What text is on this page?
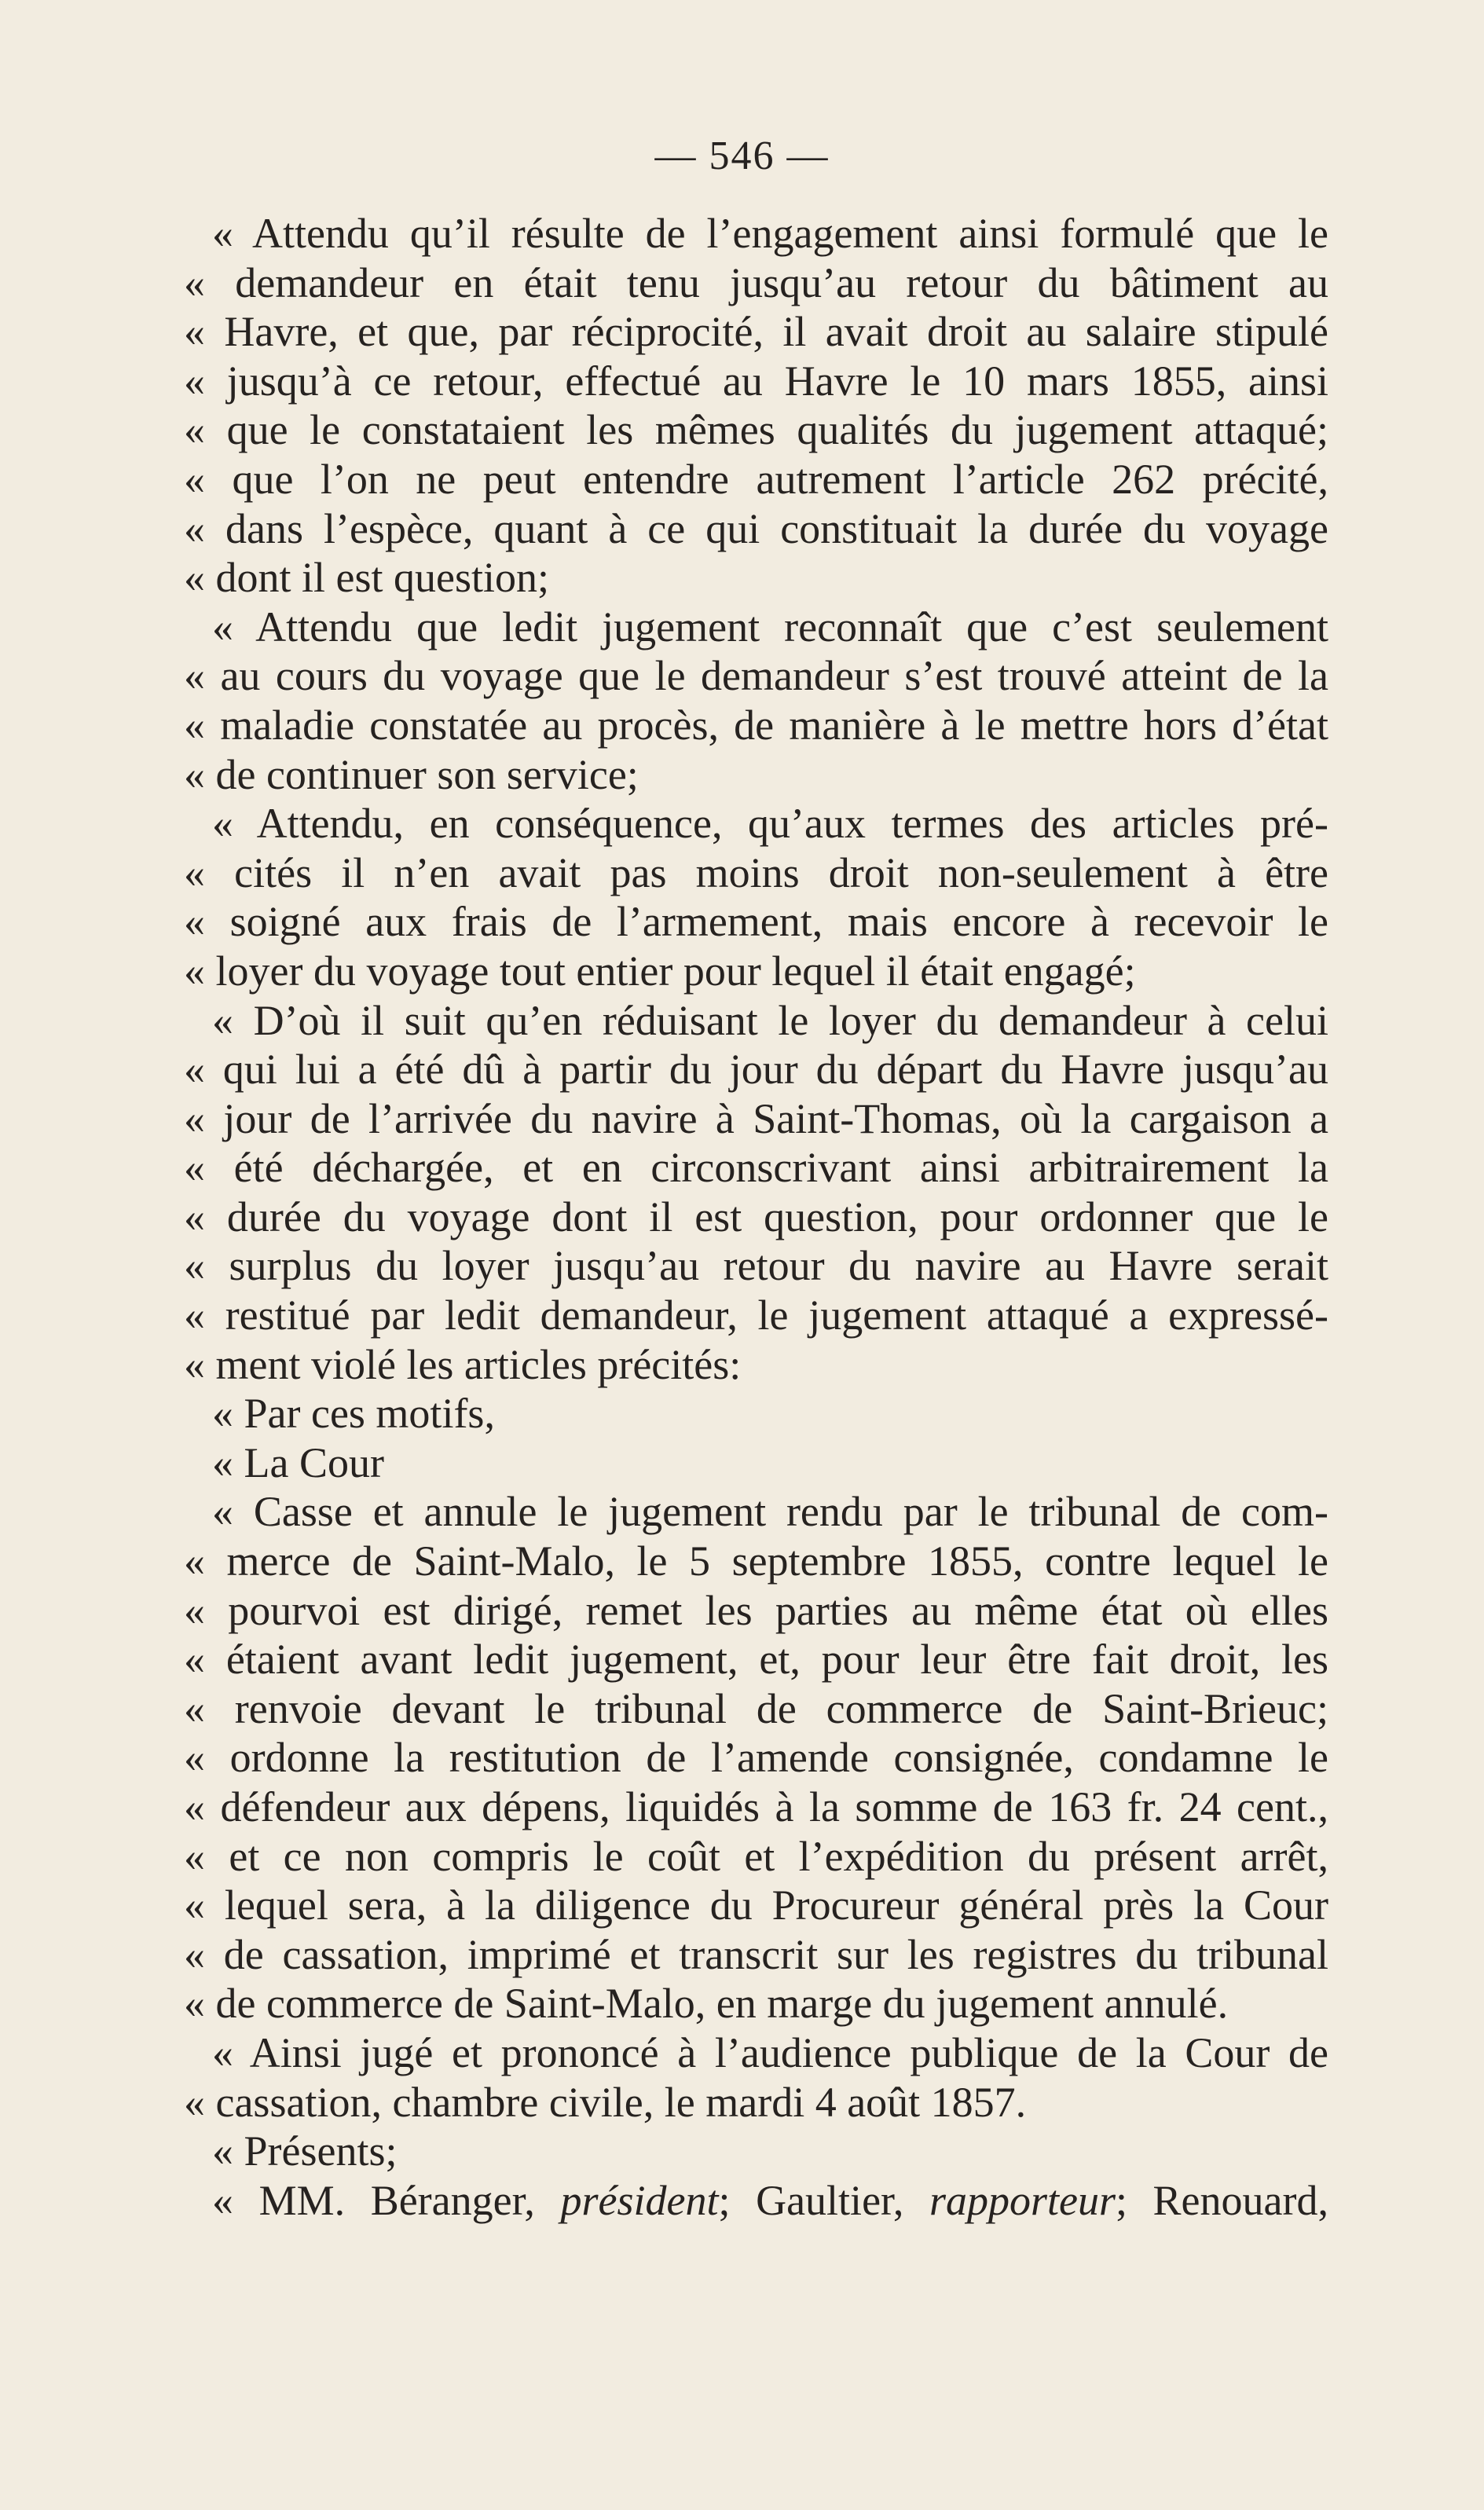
— 546 —
« Attendu qu’il résulte de l’engagement ainsi formulé que le
« demandeur en était tenu jusqu’au retour du bâtiment au
« Havre, et que, par réciprocité, il avait droit au salaire stipulé
« jusqu’à ce retour, effectué au Havre le 10 mars 1855, ainsi
« que le constataient les mêmes qualités du jugement attaqué;
« que l’on ne peut entendre autrement l’article 262 précité,
« dans l’espèce, quant à ce qui constituait la durée du voyage
« dont il est question;
« Attendu que ledit jugement reconnaît que c’est seulement
« au cours du voyage que le demandeur s’est trouvé atteint de la
« maladie constatée au procès, de manière à le mettre hors d’état
« de continuer son service;
« Attendu, en conséquence, qu’aux termes des articles pré-
« cités il n’en avait pas moins droit non-seulement à être
« soigné aux frais de l’armement, mais encore à recevoir le
« loyer du voyage tout entier pour lequel il était engagé;
« D’où il suit qu’en réduisant le loyer du demandeur à celui
« qui lui a été dû à partir du jour du départ du Havre jusqu’au
« jour de l’arrivée du navire à Saint-Thomas, où la cargaison a
« été déchargée, et en circonscrivant ainsi arbitrairement la
« durée du voyage dont il est question, pour ordonner que le
« surplus du loyer jusqu’au retour du navire au Havre serait
« restitué par ledit demandeur, le jugement attaqué a expressé-
« ment violé les articles précités:
« Par ces motifs,
« La Cour
« Casse et annule le jugement rendu par le tribunal de com-
« merce de Saint-Malo, le 5 septembre 1855, contre lequel le
« pourvoi est dirigé, remet les parties au même état où elles
« étaient avant ledit jugement, et, pour leur être fait droit, les
« renvoie devant le tribunal de commerce de Saint-Brieuc;
« ordonne la restitution de l’amende consignée, condamne le
« défendeur aux dépens, liquidés à la somme de 163 fr. 24 cent.,
« et ce non compris le coût et l’expédition du présent arrêt,
« lequel sera, à la diligence du Procureur général près la Cour
« de cassation, imprimé et transcrit sur les registres du tribunal
« de commerce de Saint-Malo, en marge du jugement annulé.
« Ainsi jugé et prononcé à l’audience publique de la Cour de
« cassation, chambre civile, le mardi 4 août 1857.
« Présents;
« MM. Béranger, président; Gaultier, rapporteur; Renouard,
